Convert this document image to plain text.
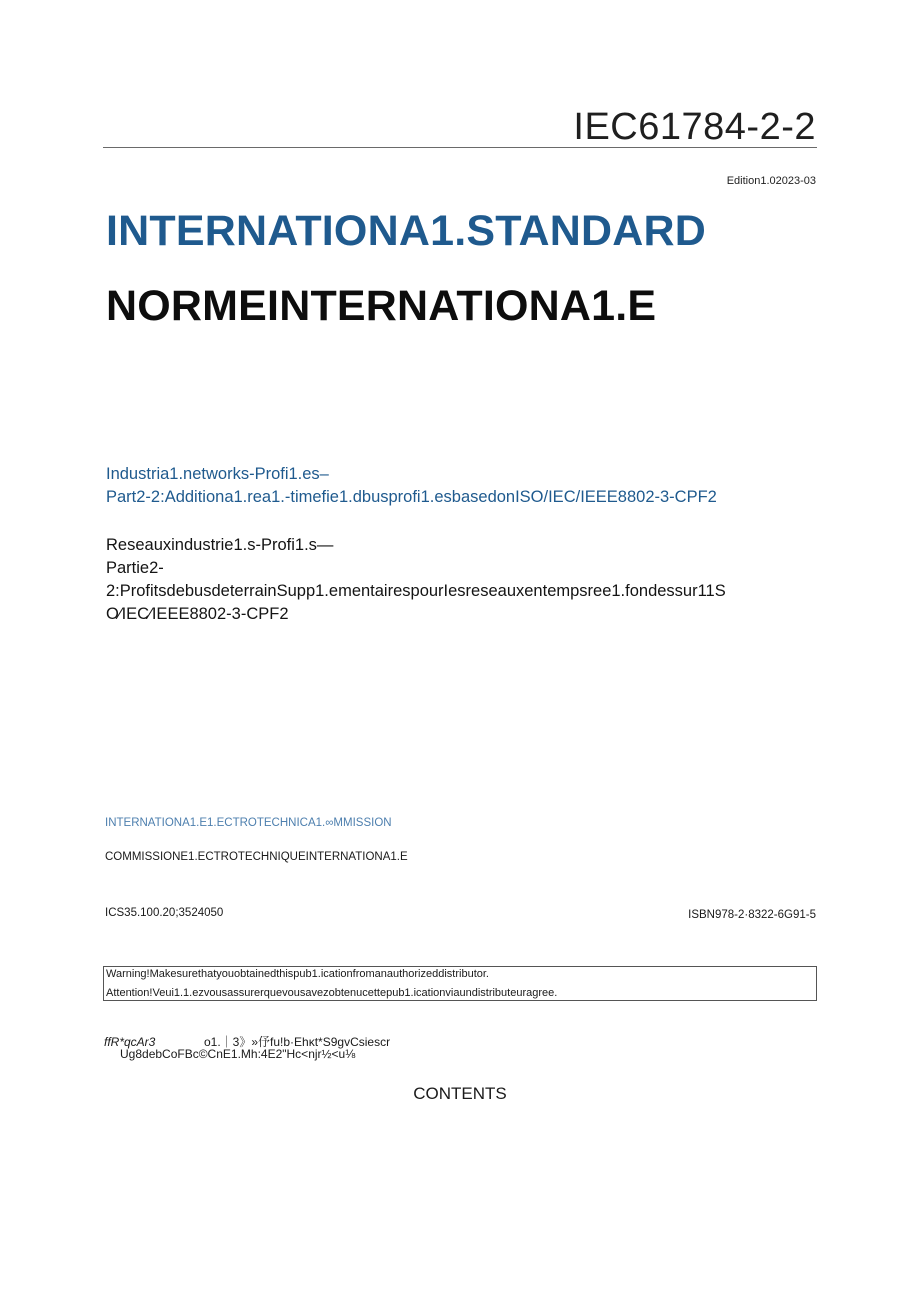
IEC61784-2-2
Edition1.02023-03
INTERNATIONA1.STANDARD
NORMEINTERNATIONA1.E
Industria1.networks-Profi1.es–
Part2-2:Additiona1.rea1.-timefie1.dbusprofi1.esbasedonISO/IEC/IEEE8802-3-CPF2
Reseauxindustrie1.s-Profi1.s—
Partie2-
2:ProfitsdebusdeterrainSupp1.ementairespourIesreseauxentempsree1.fondessur11S
O⁄IEC⁄IEEE8802-3-CPF2
INTERNATIONA1.E1.ECTROTECHNICA1.∞MMISSION
COMMISSIONE1.ECTROTECHNIQUEINTERNATIONA1.E
ICS35.100.20;3524050	ISBN978-2·8322-6G91-5
Warning!Makesurethatyouobtainedthispub1.icationfromanauthorizeddistributor.
Attention!Veui1.1.ezvousassurerquevousavezobtenucettepub1.icationviaundistributeuragree.
ffR*qcAr3	o1.｜3》»伃fu!b·Ehκt*S9gvCsiescr
Ug8debCoFBc©CnE1.Mh:4E2"Hc<njr½<u⅛
CONTENTS
